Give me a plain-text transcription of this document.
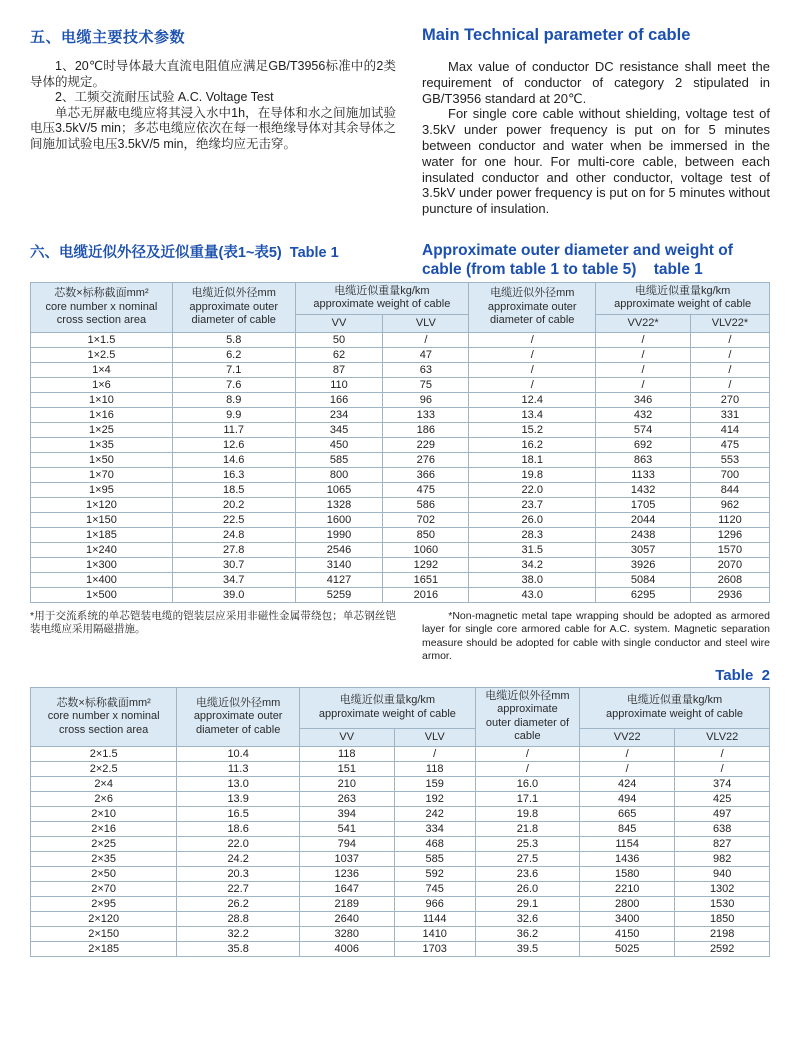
五、电缆主要技术参数	Main Technical parameter of cable

1、20℃时导体最大直流电阻值应满足GB/T3956标准中的2类导体的规定。

2、工频交流耐压试验 A.C. Voltage Test

单芯无屏蔽电缆应将其浸入水中1h，在导体和水之间施加试验电压3.5kV/5 min；多芯电缆应依次在每一根绝缘导体对其余导体之间施加试验电压3.5kV/5 min，绝缘均应无击穿。

Max value of conductor DC resistance shall meet the requirement of conductor of category 2 stipulated in GB/T3956 standard at 20℃.

For single core cable without shielding, voltage test of 3.5kV under power frequency is put on for 5 minutes between conductor and water when be immersed in the water for one hour. For multi-core cable, between each insulated conductor and other conductor, voltage test of 3.5kV under power frequency is put on for 5 minutes without puncture of insulation.

六、电缆近似外径及近似重量(表1~表5)  Table 1	Approximate outer diameter and weight of cable (from table 1 to table 5)    table 1
芯数×标称截面mm²
core number x nominal
cross section area

电缆近似外径mm
approximate outer
diameter of cable

电缆近似重量kg/km
approximate weight of cable

电缆近似外径mm
approximate outer
diameter of cable

电缆近似重量kg/km
approximate weight of cable

		VV	VLV		VV22*	VLV22*
1×1.5	5.8	50	/	/	/	/
1×2.5	6.2	62	47	/	/	/
1×4	7.1	87	63	/	/	/
1×6	7.6	110	75	/	/	/
1×10	8.9	166	96	12.4	346	270
1×16	9.9	234	133	13.4	432	331
1×25	11.7	345	186	15.2	574	414
1×35	12.6	450	229	16.2	692	475
1×50	14.6	585	276	18.1	863	553
1×70	16.3	800	366	19.8	1133	700
1×95	18.5	1065	475	22.0	1432	844
1×120	20.2	1328	586	23.7	1705	962
1×150	22.5	1600	702	26.0	2044	1120
1×185	24.8	1990	850	28.3	2438	1296
1×240	27.8	2546	1060	31.5	3057	1570
1×300	30.7	3140	1292	34.2	3926	2070
1×400	34.7	4127	1651	38.0	5084	2608
1×500	39.0	5259	2016	43.0	6295	2936
*用于交流系统的单芯铠装电缆的铠装层应采用非磁性金属带绕包；单芯钢丝铠装电缆应采用隔磁措施。
*Non-magnetic metal tape wrapping should be adopted as armored layer for single core armored cable for A.C. system. Magnetic separation measure should be adopted for cable with single conductor and steel wire armor.
Table  2
芯数×标称截面mm²
core number x nominal
cross section area

电缆近似外径mm
approximate outer
diameter of cable

电缆近似重量kg/km
approximate weight of cable

电缆近似外径mm
approximate
outer diameter of
cable

电缆近似重量kg/km
approximate weight of cable

		VV	VLV		VV22	VLV22
2×1.5	10.4	118	/	/	/	/
2×2.5	11.3	151	118	/	/	/
2×4	13.0	210	159	16.0	424	374
2×6	13.9	263	192	17.1	494	425
2×10	16.5	394	242	19.8	665	497
2×16	18.6	541	334	21.8	845	638
2×25	22.0	794	468	25.3	1154	827
2×35	24.2	1037	585	27.5	1436	982
2×50	20.3	1236	592	23.6	1580	940
2×70	22.7	1647	745	26.0	2210	1302
2×95	26.2	2189	966	29.1	2800	1530
2×120	28.8	2640	1144	32.6	3400	1850
2×150	32.2	3280	1410	36.2	4150	2198
2×185	35.8	4006	1703	39.5	5025	2592
